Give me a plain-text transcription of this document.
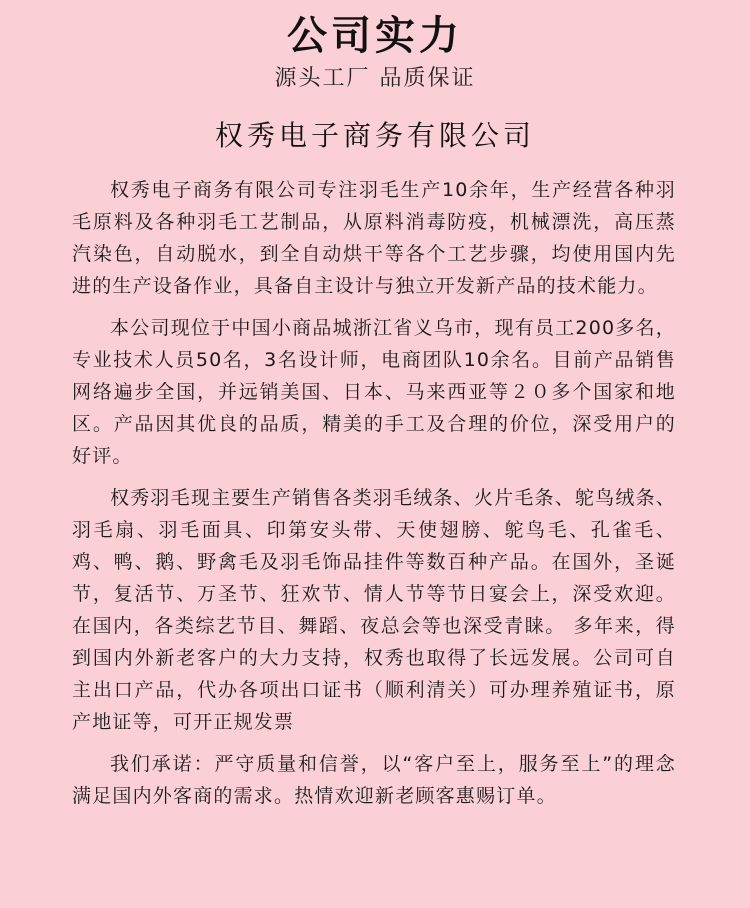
公司实力
源头工厂 品质保证
权秀电子商务有限公司

权秀电子商务有限公司专注羽毛生产10余年，生产经营各种羽毛原料及各种羽毛工艺制品，从原料消毒防疫，机械漂洗，高压蒸汽染色，自动脱水，到全自动烘干等各个工艺步骤，均使用国内先进的生产设备作业，具备自主设计与独立开发新产品的技术能力。

本公司现位于中国小商品城浙江省义乌市，现有员工200多名，专业技术人员50名，3名设计师，电商团队10余名。目前产品销售网络遍步全国，并远销美国、日本、马来西亚等２０多个国家和地区。产品因其优良的品质，精美的手工及合理的价位，深受用户的好评。

权秀羽毛现主要生产销售各类羽毛绒条、火片毛条、鸵鸟绒条、羽毛扇、羽毛面具、印第安头带、天使翅膀、鸵鸟毛、孔雀毛、鸡、鸭、鹅、野禽毛及羽毛饰品挂件等数百种产品。在国外，圣诞节，复活节、万圣节、狂欢节、情人节等节日宴会上，深受欢迎。在国内，各类综艺节目、舞蹈、夜总会等也深受青睐。 多年来，得到国内外新老客户的大力支持，权秀也取得了长远发展。公司可自主出口产品，代办各项出口证书（顺利清关）可办理养殖证书，原产地证等，可开正规发票

我们承诺：严守质量和信誉，以“客户至上，服务至上”的理念满足国内外客商的需求。热情欢迎新老顾客惠赐订单。
